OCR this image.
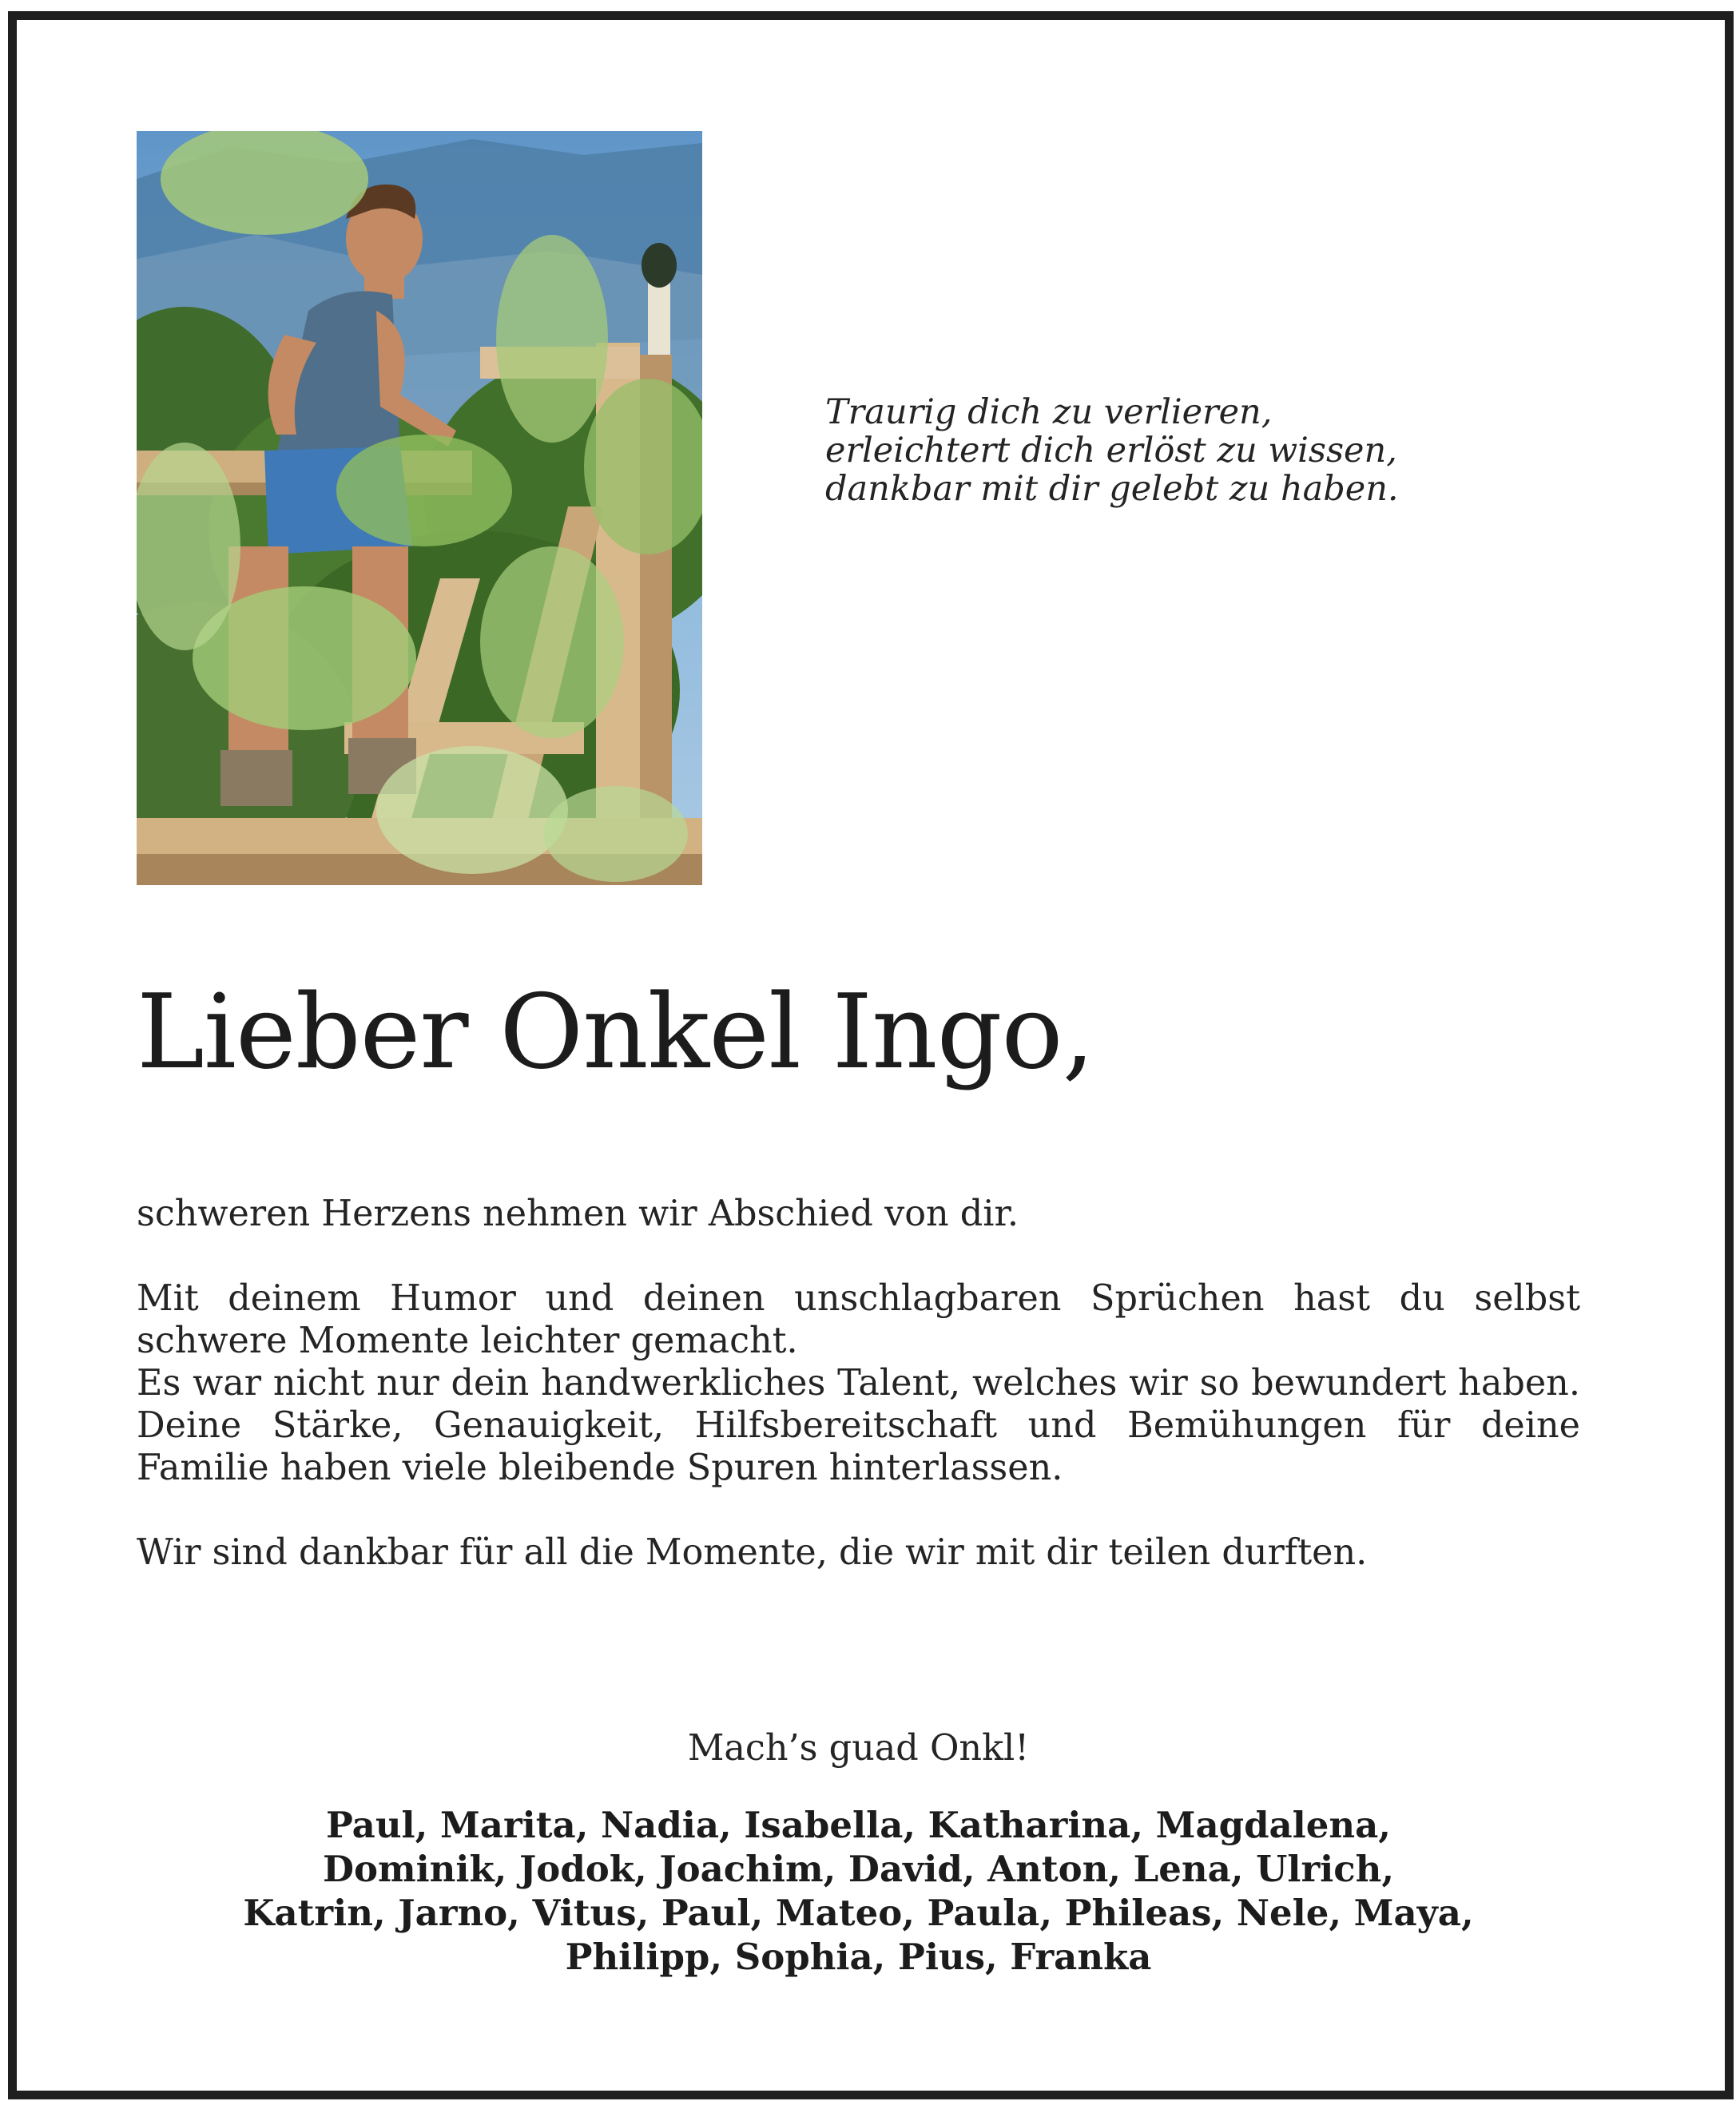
Traurig dich zu verlieren,
erleichtert dich erlöst zu wissen,
dankbar mit dir gelebt zu haben.
Lieber Onkel Ingo,

schweren Herzens nehmen wir Abschied von dir.

Mit deinem Humor und deinen unschlagbaren Sprüchen hast du selbst

schwere Momente leichter gemacht.

Es war nicht nur dein handwerkliches Talent, welches wir so bewundert haben.

Deine Stärke, Genauigkeit, Hilfsbereitschaft und Bemühungen für deine

Familie haben viele bleibende Spuren hinterlassen.

Wir sind dankbar für all die Momente, die wir mit dir teilen durften.

Mach’s guad Onkl!
Paul, Marita, Nadia, Isabella, Katharina, Magdalena,
Dominik, Jodok, Joachim, David, Anton, Lena, Ulrich,
Katrin, Jarno, Vitus, Paul, Mateo, Paula, Phileas, Nele, Maya,
Philipp, Sophia, Pius, Franka
